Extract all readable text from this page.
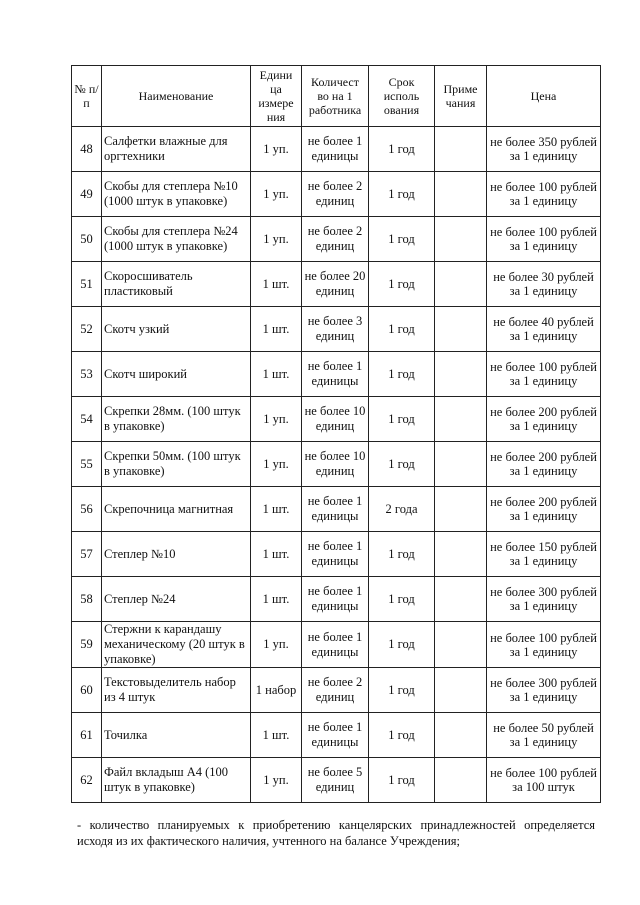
№ п/п	Наименование	Едини ца измере ния	Количест во на 1 работника	Срок исполь ования	Приме чания	Цена
48	Салфетки влажные для оргтехники	1 уп.	не более 1 единицы	1 год		не более 350 рублей за 1 единицу
49	Скобы для степлера №10 (1000 штук в упаковке)	1 уп.	не более 2 единиц	1 год		не более 100 рублей за 1 единицу
50	Скобы для степлера №24 (1000 штук в упаковке)	1 уп.	не более 2 единиц	1 год		не более 100 рублей за 1 единицу
51	Скоросшиватель пластиковый	1 шт.	не более 20 единиц	1 год		не более 30 рублей за 1 единицу
52	Скотч узкий	1 шт.	не более 3 единиц	1 год		не более 40 рублей за 1 единицу
53	Скотч широкий	1 шт.	не более 1 единицы	1 год		не более 100 рублей за 1 единицу
54	Скрепки 28мм. (100 штук в упаковке)	1 уп.	не более 10 единиц	1 год		не более 200 рублей за 1 единицу
55	Скрепки 50мм. (100 штук в упаковке)	1 уп.	не более 10 единиц	1 год		не более 200 рублей за 1 единицу
56	Скрепочница магнитная	1 шт.	не более 1 единицы	2 года		не более 200 рублей за 1 единицу
57	Степлер №10	1 шт.	не более 1 единицы	1 год		не более 150 рублей за 1 единицу
58	Степлер №24	1 шт.	не более 1 единицы	1 год		не более 300 рублей за 1 единицу
59	Стержни к карандашу механическому (20 штук в упаковке)	1 уп.	не более 1 единицы	1 год		не более 100 рублей за 1 единицу
60	Текстовыделитель набор из 4 штук	1 набор	не более 2 единиц	1 год		не более 300 рублей за 1 единицу
61	Точилка	1 шт.	не более 1 единицы	1 год		не более 50 рублей за 1 единицу
62	Файл вкладыш А4 (100 штук в упаковке)	1 уп.	не более 5 единиц	1 год		не более 100 рублей за 100 штук
- количество планируемых к приобретению канцелярских принадлежностей определяется исходя из их фактического наличия, учтенного на балансе Учреждения;
